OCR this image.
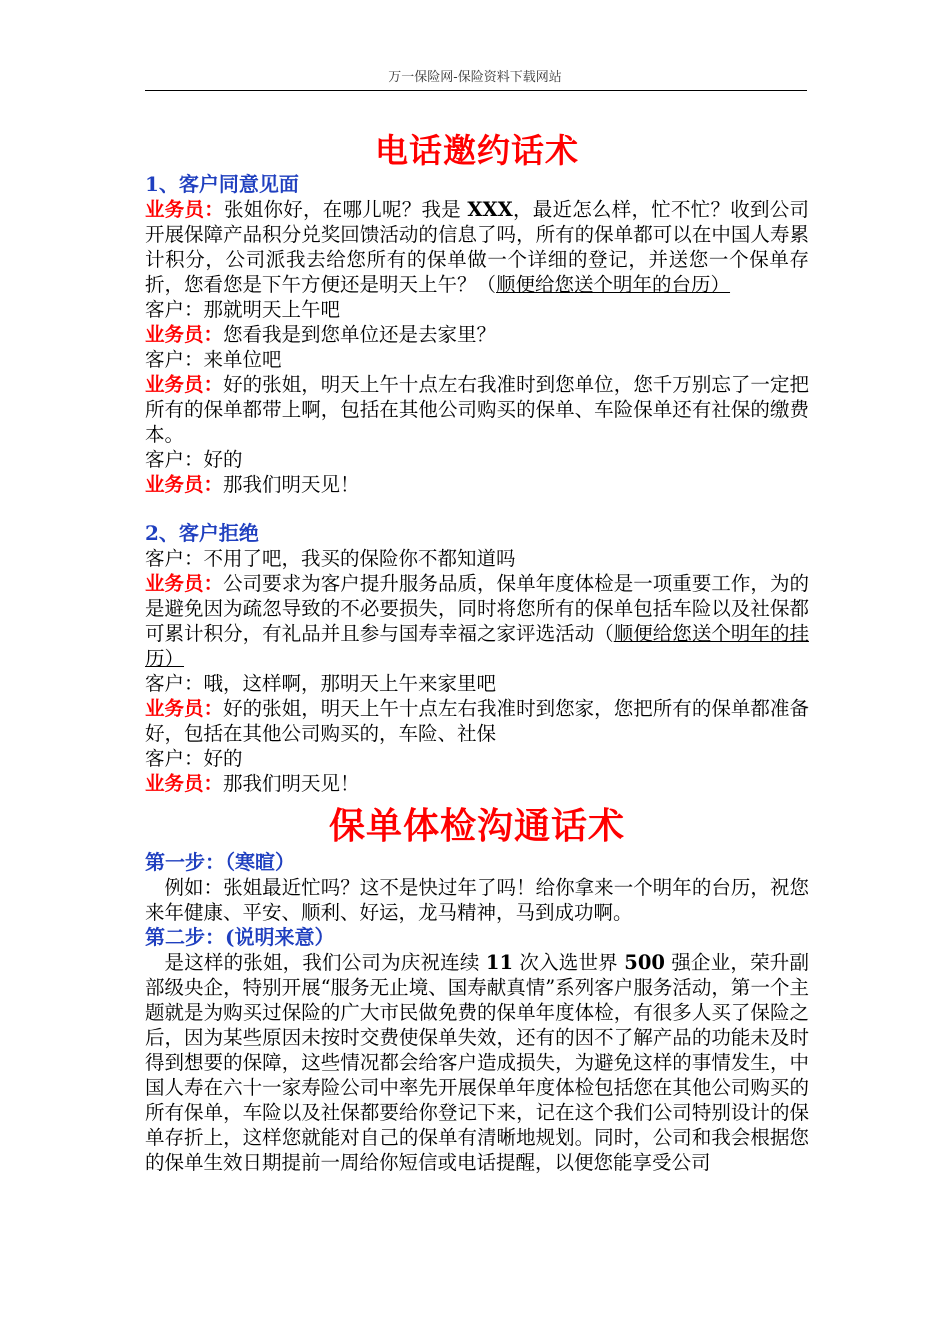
万一保险网-保险资料下载网站
电话邀约话术
1、客户同意见面
业务员：张姐你好，在哪儿呢？我是 XXX，最近怎么样，忙不忙？收到公司开展保障产品积分兑奖回馈活动的信息了吗，所有的保单都可以在中国人寿累计积分，公司派我去给您所有的保单做一个详细的登记，并送您一个保单存折，您看您是下午方便还是明天上午？（顺便给您送个明年的台历）
客户：那就明天上午吧
业务员：您看我是到您单位还是去家里？
客户：来单位吧
业务员：好的张姐，明天上午十点左右我准时到您单位，您千万别忘了一定把所有的保单都带上啊，包括在其他公司购买的保单、车险保单还有社保的缴费本。
客户：好的
业务员：那我们明天见！
2、客户拒绝
客户：不用了吧，我买的保险你不都知道吗
业务员：公司要求为客户提升服务品质，保单年度体检是一项重要工作，为的是避免因为疏忽导致的不必要损失，同时将您所有的保单包括车险以及社保都可累计积分，有礼品并且参与国寿幸福之家评选活动（顺便给您送个明年的挂历）
客户：哦，这样啊，那明天上午来家里吧
业务员：好的张姐，明天上午十点左右我准时到您家，您把所有的保单都准备好，包括在其他公司购买的，车险、社保
客户：好的
业务员：那我们明天见！
保单体检沟通话术
第一步：（寒暄）
例如：张姐最近忙吗？这不是快过年了吗！给你拿来一个明年的台历，祝您来年健康、平安、顺利、好运，龙马精神，马到成功啊。
第二步：(说明来意）
是这样的张姐，我们公司为庆祝连续 11 次入选世界 500 强企业，荣升副部级央企，特别开展“服务无止境、国寿献真情”系列客户服务活动，第一个主题就是为购买过保险的广大市民做免费的保单年度体检，有很多人买了保险之后，因为某些原因未按时交费使保单失效，还有的因不了解产品的功能未及时得到想要的保障，这些情况都会给客户造成损失，为避免这样的事情发生，中国人寿在六十一家寿险公司中率先开展保单年度体检包括您在其他公司购买的所有保单，车险以及社保都要给你登记下来，记在这个我们公司特别设计的保单存折上，这样您就能对自己的保单有清晰地规划。同时，公司和我会根据您的保单生效日期提前一周给你短信或电话提醒，以便您能享受公司
